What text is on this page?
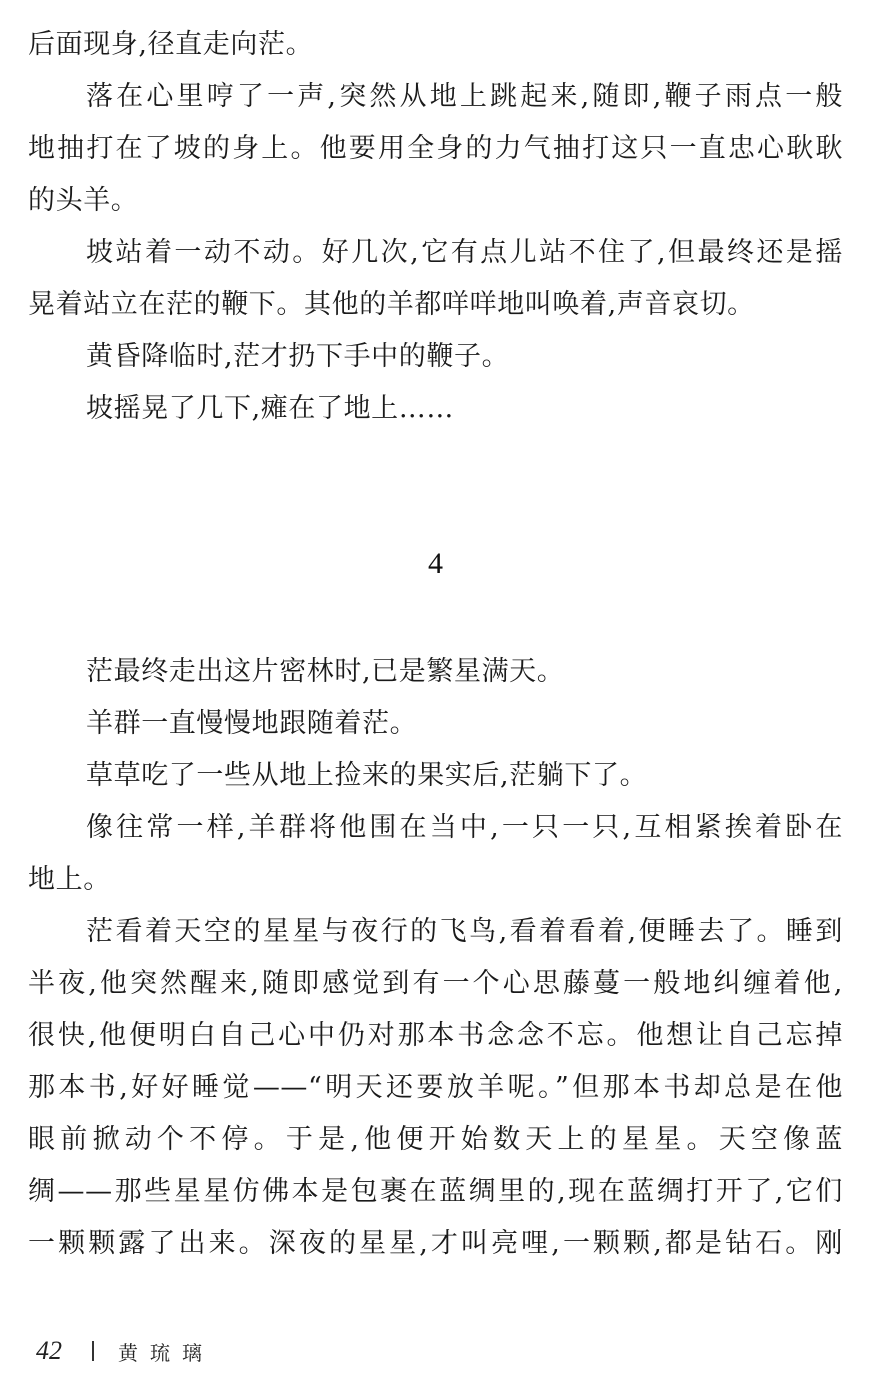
后面现身,径直走向茫。
落在心里哼了一声,突然从地上跳起来,随即,鞭子雨点一般
地抽打在了坡的身上。他要用全身的力气抽打这只一直忠心耿耿
的头羊。
坡站着一动不动。好几次,它有点儿站不住了,但最终还是摇
晃着站立在茫的鞭下。其他的羊都咩咩地叫唤着,声音哀切。
黄昏降临时,茫才扔下手中的鞭子。
坡摇晃了几下,瘫在了地上……
4
茫最终走出这片密林时,已是繁星满天。
羊群一直慢慢地跟随着茫。
草草吃了一些从地上捡来的果实后,茫躺下了。
像往常一样,羊群将他围在当中,一只一只,互相紧挨着卧在
地上。
茫看着天空的星星与夜行的飞鸟,看着看着,便睡去了。睡到
半夜,他突然醒来,随即感觉到有一个心思藤蔓一般地纠缠着他,
很快,他便明白自己心中仍对那本书念念不忘。他想让自己忘掉
那本书,好好睡觉——“明天还要放羊呢。”但那本书却总是在他
眼前掀动个不停。于是,他便开始数天上的星星。天空像蓝
绸——那些星星仿佛本是包裹在蓝绸里的,现在蓝绸打开了,它们
一颗颗露了出来。深夜的星星,才叫亮哩,一颗颗,都是钻石。刚
42	黄琉璃
